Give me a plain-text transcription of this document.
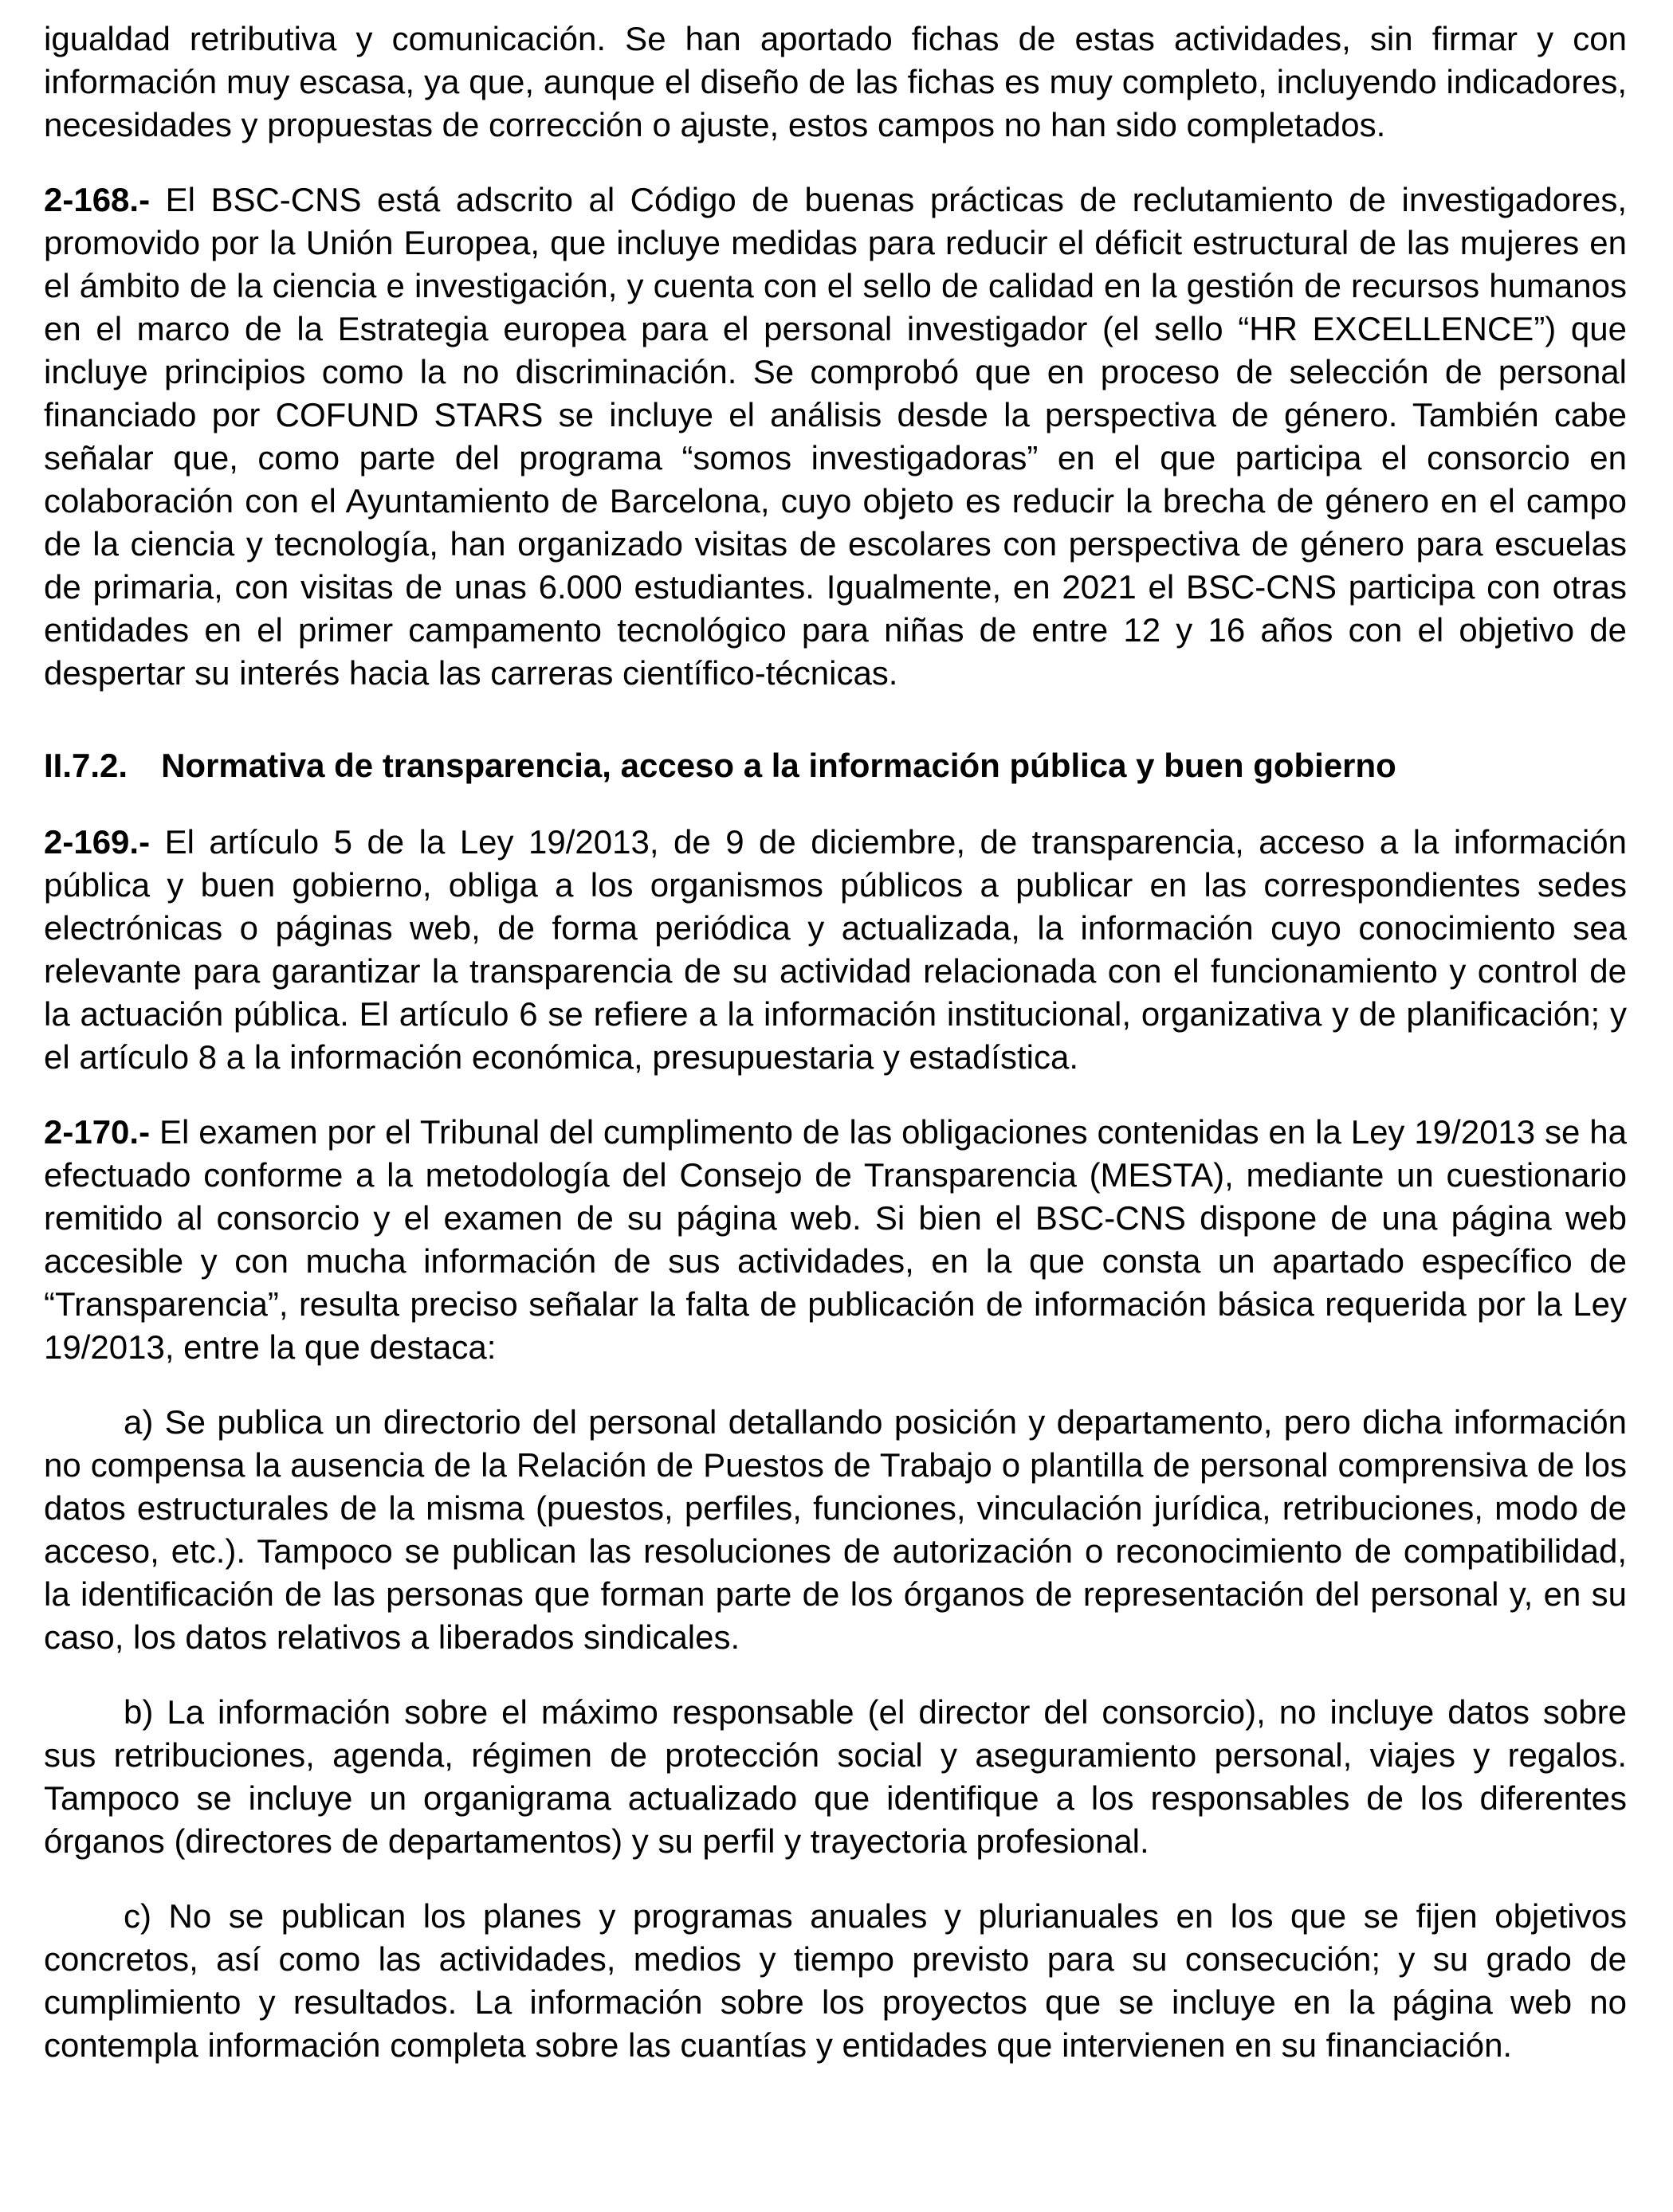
igualdad retributiva y comunicación. Se han aportado fichas de estas actividades, sin firmar y con información muy escasa, ya que, aunque el diseño de las fichas es muy completo, incluyendo indicadores, necesidades y propuestas de corrección o ajuste, estos campos no han sido completados.

2-168.- El BSC-CNS está adscrito al Código de buenas prácticas de reclutamiento de investigadores, promovido por la Unión Europea, que incluye medidas para reducir el déficit estructural de las mujeres en el ámbito de la ciencia e investigación, y cuenta con el sello de calidad en la gestión de recursos humanos en el marco de la Estrategia europea para el personal investigador (el sello “HR EXCELLENCE”) que incluye principios como la no discriminación. Se comprobó que en proceso de selección de personal financiado por COFUND STARS se incluye el análisis desde la perspectiva de género. También cabe señalar que, como parte del programa “somos investigadoras” en el que participa el consorcio en colaboración con el Ayuntamiento de Barcelona, cuyo objeto es reducir la brecha de género en el campo de la ciencia y tecnología, han organizado visitas de escolares con perspectiva de género para escuelas de primaria, con visitas de unas 6.000 estudiantes. Igualmente, en 2021 el BSC-CNS participa con otras entidades en el primer campamento tecnológico para niñas de entre 12 y 16 años con el objetivo de despertar su interés hacia las carreras científico-técnicas.

II.7.2. Normativa de transparencia, acceso a la información pública y buen gobierno

2-169.- El artículo 5 de la Ley 19/2013, de 9 de diciembre, de transparencia, acceso a la información pública y buen gobierno, obliga a los organismos públicos a publicar en las correspondientes sedes electrónicas o páginas web, de forma periódica y actualizada, la información cuyo conocimiento sea relevante para garantizar la transparencia de su actividad relacionada con el funcionamiento y control de la actuación pública. El artículo 6 se refiere a la información institucional, organizativa y de planificación; y el artículo 8 a la información económica, presupuestaria y estadística.

2-170.- El examen por el Tribunal del cumplimento de las obligaciones contenidas en la Ley 19/2013 se ha efectuado conforme a la metodología del Consejo de Transparencia (MESTA), mediante un cuestionario remitido al consorcio y el examen de su página web. Si bien el BSC-CNS dispone de una página web accesible y con mucha información de sus actividades, en la que consta un apartado específico de “Transparencia”, resulta preciso señalar la falta de publicación de información básica requerida por la Ley 19/2013, entre la que destaca:

a) Se publica un directorio del personal detallando posición y departamento, pero dicha información no compensa la ausencia de la Relación de Puestos de Trabajo o plantilla de personal comprensiva de los datos estructurales de la misma (puestos, perfiles, funciones, vinculación jurídica, retribuciones, modo de acceso, etc.). Tampoco se publican las resoluciones de autorización o reconocimiento de compatibilidad, la identificación de las personas que forman parte de los órganos de representación del personal y, en su caso, los datos relativos a liberados sindicales.

b) La información sobre el máximo responsable (el director del consorcio), no incluye datos sobre sus retribuciones, agenda, régimen de protección social y aseguramiento personal, viajes y regalos. Tampoco se incluye un organigrama actualizado que identifique a los responsables de los diferentes órganos (directores de departamentos) y su perfil y trayectoria profesional.

c) No se publican los planes y programas anuales y plurianuales en los que se fijen objetivos concretos, así como las actividades, medios y tiempo previsto para su consecución; y su grado de cumplimiento y resultados. La información sobre los proyectos que se incluye en la página web no contempla información completa sobre las cuantías y entidades que intervienen en su financiación.
